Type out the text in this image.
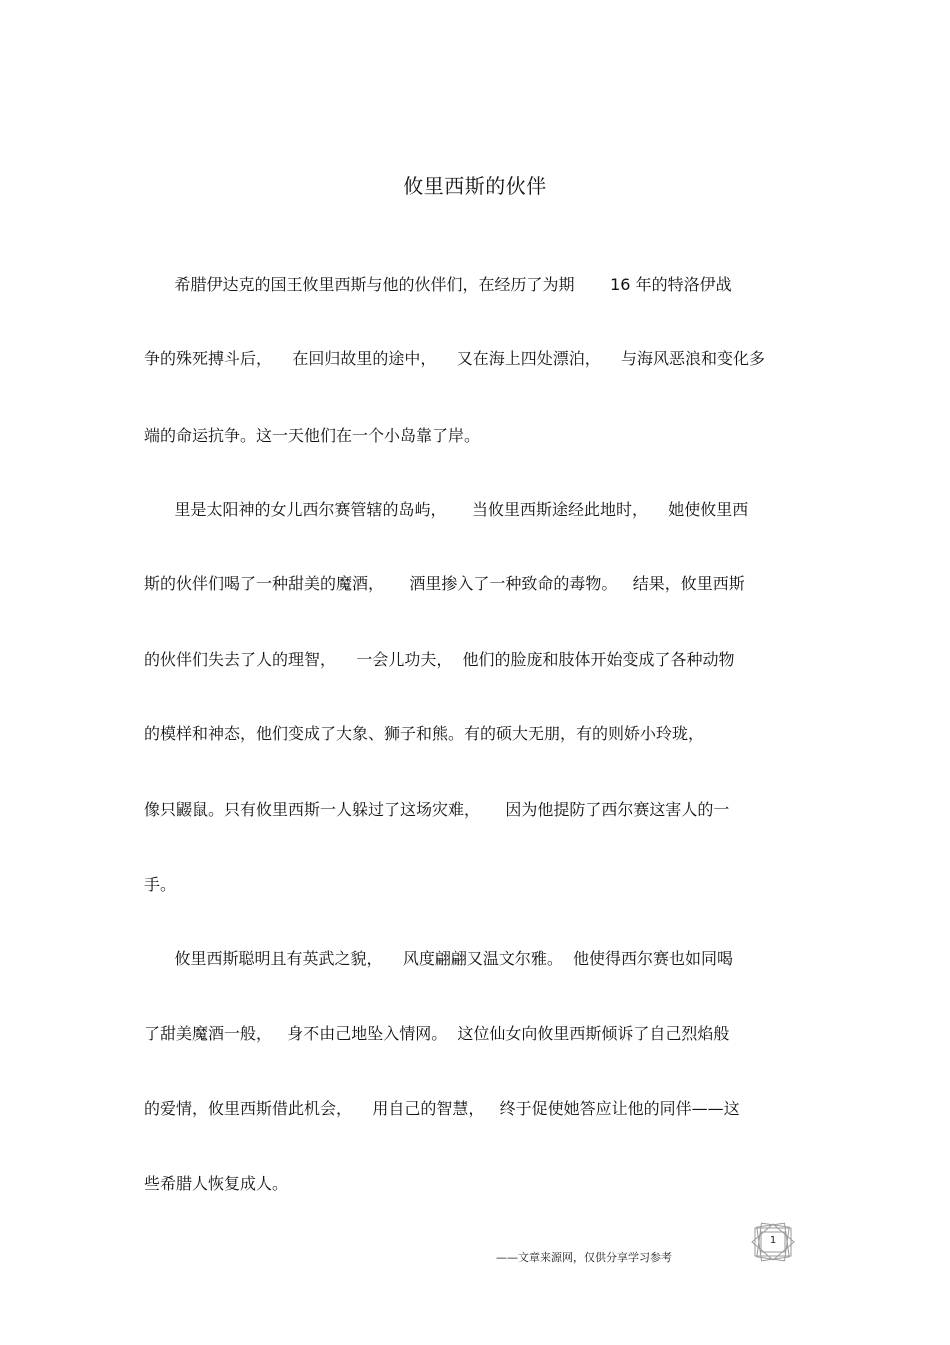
攸里西斯的伙伴
希腊伊达克的国王攸里西斯与他的伙伴们，在经历了为期       16 年的特洛伊战
争的殊死搏斗后，    在回归故里的途中，    又在海上四处漂泊，    与海风恶浪和变化多
端的命运抗争。这一天他们在一个小岛靠了岸。
里是太阳神的女儿西尔赛管辖的岛屿，     当攸里西斯途经此地时，    她使攸里西
斯的伙伴们喝了一种甜美的魔酒，     酒里掺入了一种致命的毒物。   结果，攸里西斯
的伙伴们失去了人的理智，    一会儿功夫，  他们的脸庞和肢体开始变成了各种动物
的模样和神态，他们变成了大象、狮子和熊。有的硕大无朋，有的则娇小玲珑，
像只鼹鼠。只有攸里西斯一人躲过了这场灾难，     因为他提防了西尔赛这害人的一
手。
攸里西斯聪明且有英武之貌，    风度翩翩又温文尔雅。  他使得西尔赛也如同喝
了甜美魔酒一般，   身不由己地坠入情网。  这位仙女向攸里西斯倾诉了自己烈焰般
的爱情，攸里西斯借此机会，    用自己的智慧，   终于促使她答应让他的同伴——这
些希腊人恢复成人。
——文章来源网，仅供分享学习参考
1
